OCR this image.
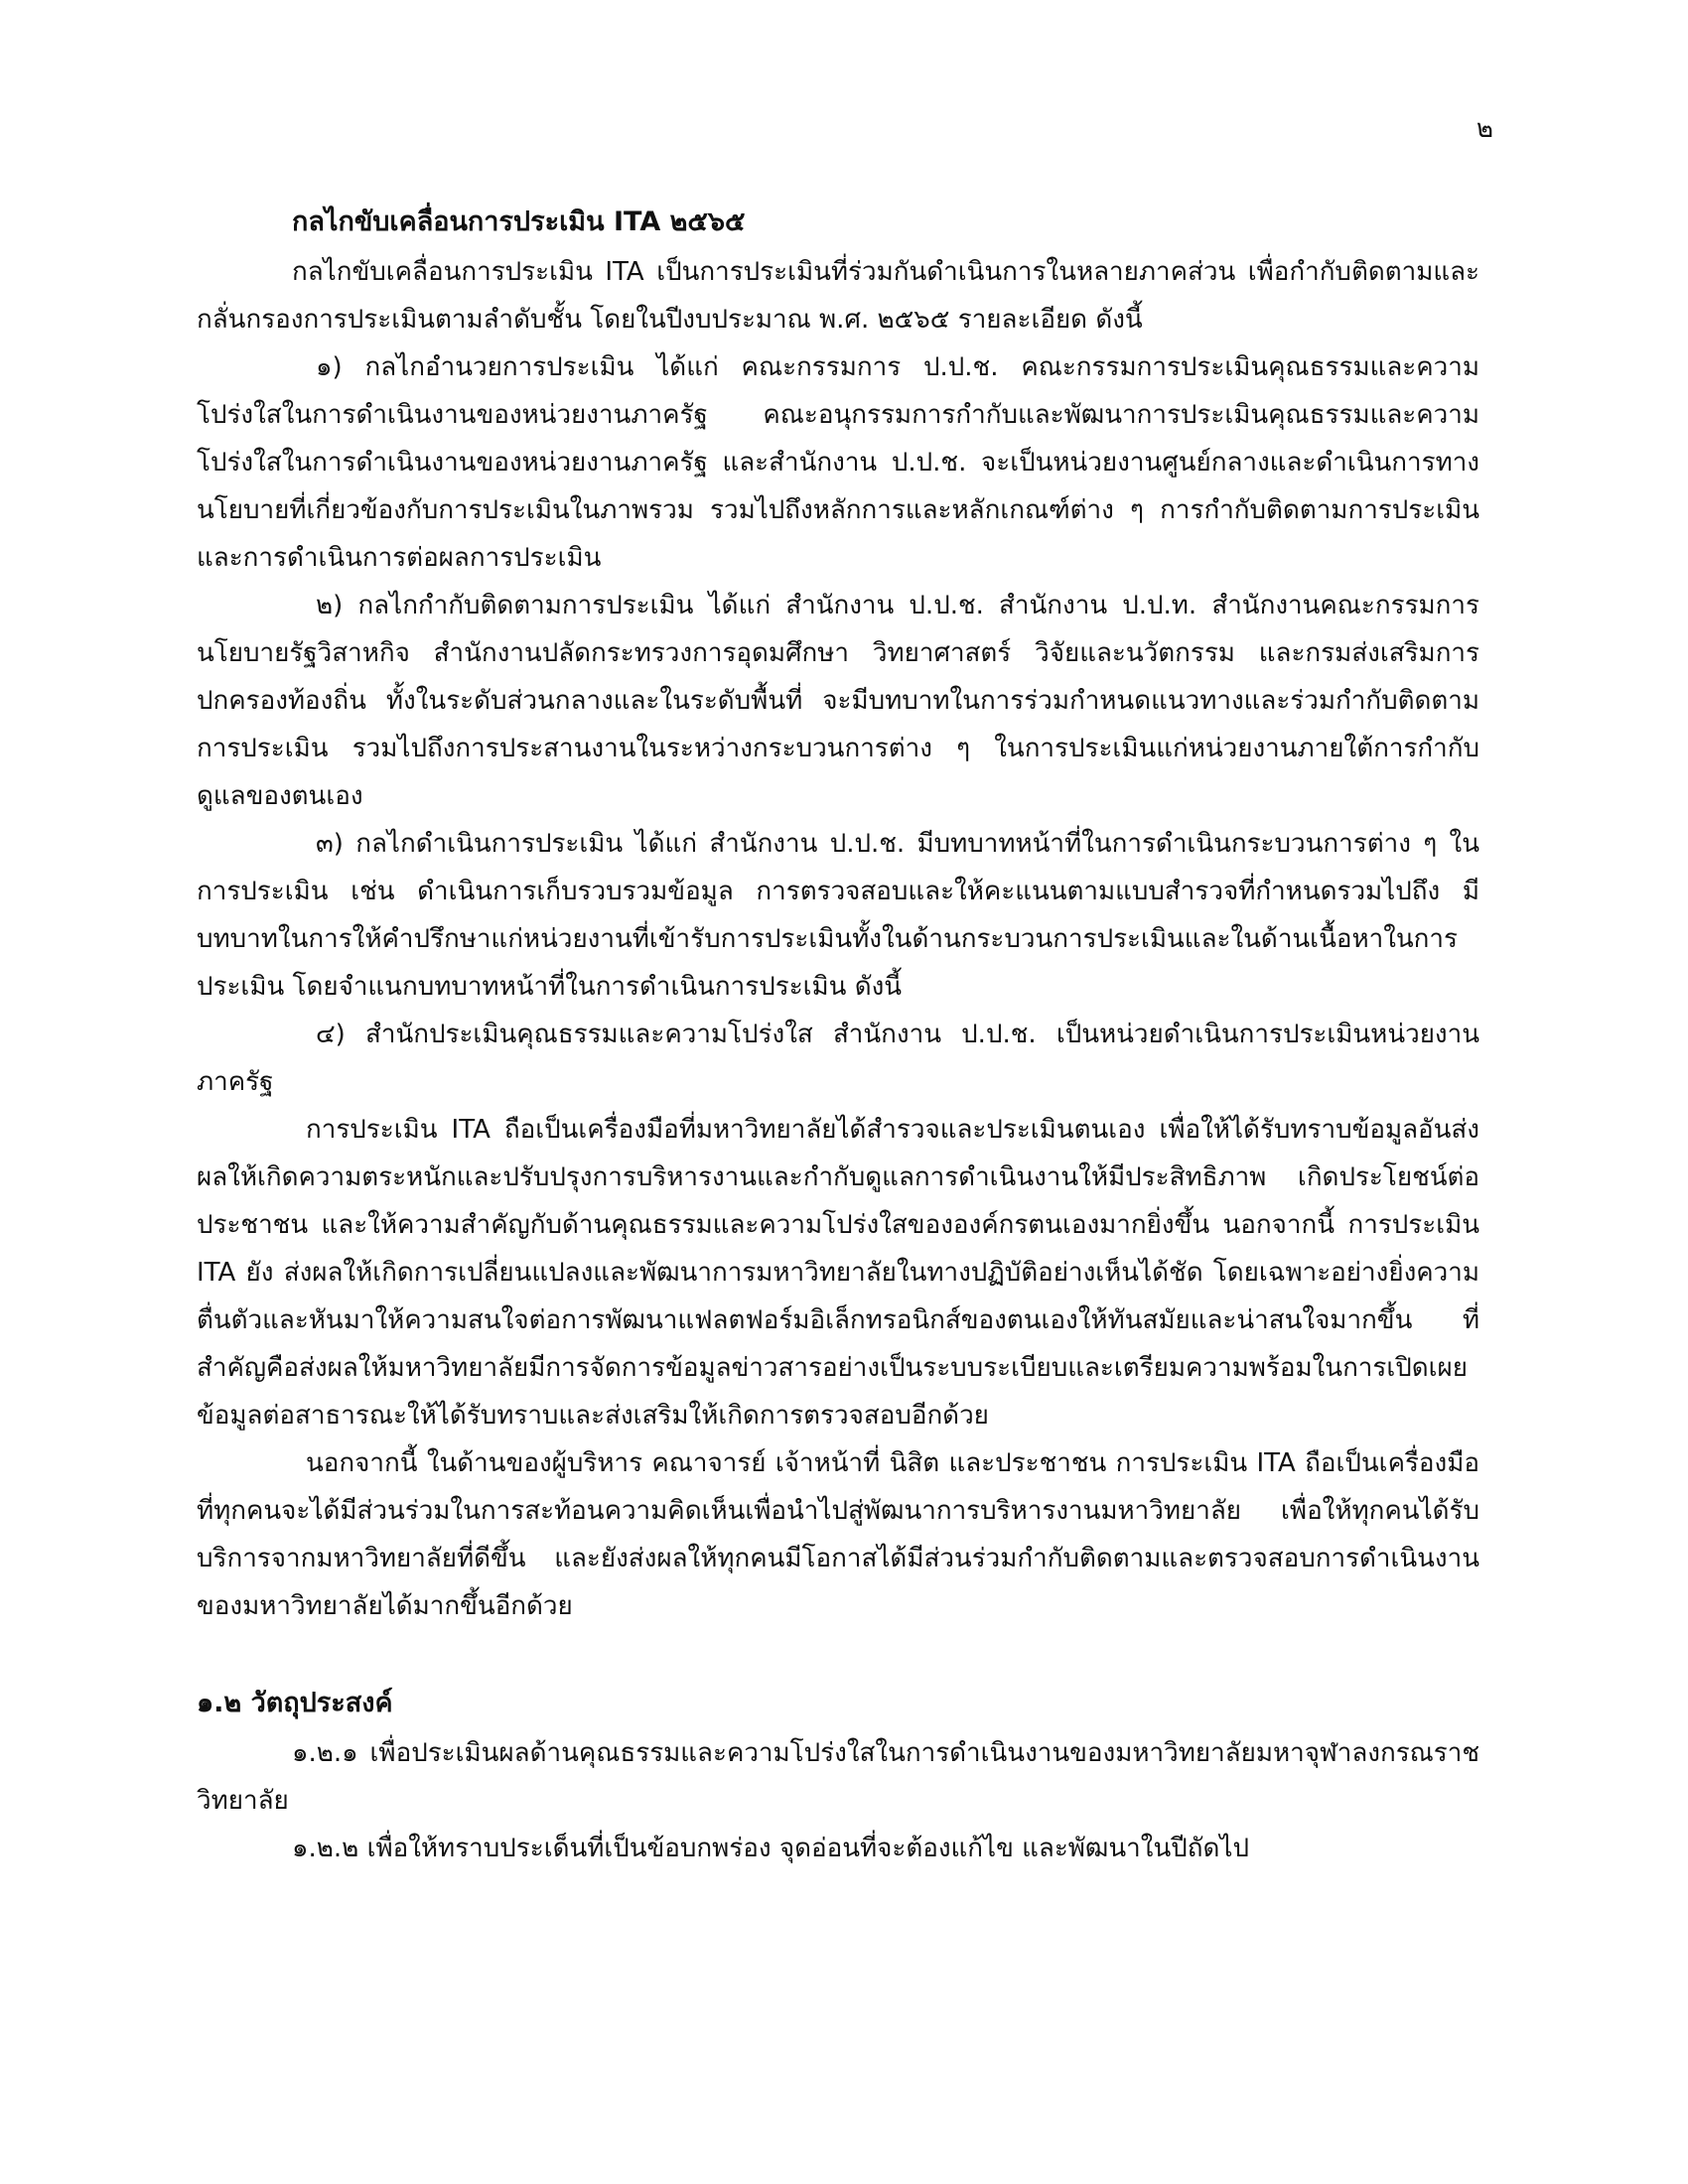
๒

กลไกขับเคลื่อนการประเมิน ITA ๒๕๖๕

กลไกขับเคลื่อนการประเมิน ITA เป็นการประเมินที่ร่วมกันดำเนินการในหลายภาคส่วน เพื่อกำกับติดตามและกลั่นกรองการประเมินตามลำดับชั้น โดยในปีงบประมาณ พ.ศ. ๒๕๖๕ รายละเอียด ดังนี้

๑) กลไกอำนวยการประเมิน ได้แก่ คณะกรรมการ ป.ป.ช. คณะกรรมการประเมินคุณธรรมและความโปร่งใสในการดำเนินงานของหน่วยงานภาครัฐ คณะอนุกรรมการกำกับและพัฒนาการประเมินคุณธรรมและความโปร่งใสในการดำเนินงานของหน่วยงานภาครัฐ และสำนักงาน ป.ป.ช. จะเป็นหน่วยงานศูนย์กลางและดำเนินการทางนโยบายที่เกี่ยวข้องกับการประเมินในภาพรวม รวมไปถึงหลักการและหลักเกณฑ์ต่าง ๆ การกำกับติดตามการประเมิน และการดำเนินการต่อผลการประเมิน

๒) กลไกกำกับติดตามการประเมิน ได้แก่ สำนักงาน ป.ป.ช. สำนักงาน ป.ป.ท. สำนักงานคณะกรรมการนโยบายรัฐวิสาหกิจ สำนักงานปลัดกระทรวงการอุดมศึกษา วิทยาศาสตร์ วิจัยและนวัตกรรม และกรมส่งเสริมการปกครองท้องถิ่น ทั้งในระดับส่วนกลางและในระดับพื้นที่ จะมีบทบาทในการร่วมกำหนดแนวทางและร่วมกำกับติดตามการประเมิน รวมไปถึงการประสานงานในระหว่างกระบวนการต่าง ๆ ในการประเมินแก่หน่วยงานภายใต้การกำกับดูแลของตนเอง

๓) กลไกดำเนินการประเมิน ได้แก่ สำนักงาน ป.ป.ช. มีบทบาทหน้าที่ในการดำเนินกระบวนการต่าง ๆ ในการประเมิน เช่น ดำเนินการเก็บรวบรวมข้อมูล การตรวจสอบและให้คะแนนตามแบบสำรวจที่กำหนดรวมไปถึง มีบทบาทในการให้คำปรึกษาแก่หน่วยงานที่เข้ารับการประเมินทั้งในด้านกระบวนการประเมินและในด้านเนื้อหาในการประเมิน โดยจำแนกบทบาทหน้าที่ในการดำเนินการประเมิน ดังนี้

๔) สำนักประเมินคุณธรรมและความโปร่งใส สำนักงาน ป.ป.ช. เป็นหน่วยดำเนินการประเมินหน่วยงานภาครัฐ

การประเมิน ITA ถือเป็นเครื่องมือที่มหาวิทยาลัยได้สำรวจและประเมินตนเอง เพื่อให้ได้รับทราบข้อมูลอันส่งผลให้เกิดความตระหนักและปรับปรุงการบริหารงานและกำกับดูแลการดำเนินงานให้มีประสิทธิภาพ เกิดประโยชน์ต่อประชาชน และให้ความสำคัญกับด้านคุณธรรมและความโปร่งใสขององค์กรตนเองมากยิ่งขึ้น นอกจากนี้ การประเมิน ITA ยัง ส่งผลให้เกิดการเปลี่ยนแปลงและพัฒนาการมหาวิทยาลัยในทางปฏิบัติอย่างเห็นได้ชัด โดยเฉพาะอย่างยิ่งความตื่นตัวและหันมาให้ความสนใจต่อการพัฒนาแฟลตฟอร์มอิเล็กทรอนิกส์ของตนเองให้ทันสมัยและน่าสนใจมากขึ้น ที่สำคัญคือส่งผลให้มหาวิทยาลัยมีการจัดการข้อมูลข่าวสารอย่างเป็นระบบระเบียบและเตรียมความพร้อมในการเปิดเผยข้อมูลต่อสาธารณะให้ได้รับทราบและส่งเสริมให้เกิดการตรวจสอบอีกด้วย

นอกจากนี้ ในด้านของผู้บริหาร คณาจารย์ เจ้าหน้าที่ นิสิต และประชาชน การประเมิน ITA ถือเป็นเครื่องมือที่ทุกคนจะได้มีส่วนร่วมในการสะท้อนความคิดเห็นเพื่อนำไปสู่พัฒนาการบริหารงานมหาวิทยาลัย เพื่อให้ทุกคนได้รับบริการจากมหาวิทยาลัยที่ดีขึ้น และยังส่งผลให้ทุกคนมีโอกาสได้มีส่วนร่วมกำกับติดตามและตรวจสอบการดำเนินงานของมหาวิทยาลัยได้มากขึ้นอีกด้วย

๑.๒ วัตถุประสงค์

๑.๒.๑ เพื่อประเมินผลด้านคุณธรรมและความโปร่งใสในการดำเนินงานของมหาวิทยาลัยมหาจุฬาลงกรณราชวิทยาลัย

๑.๒.๒ เพื่อให้ทราบประเด็นที่เป็นข้อบกพร่อง จุดอ่อนที่จะต้องแก้ไข และพัฒนาในปีถัดไป
